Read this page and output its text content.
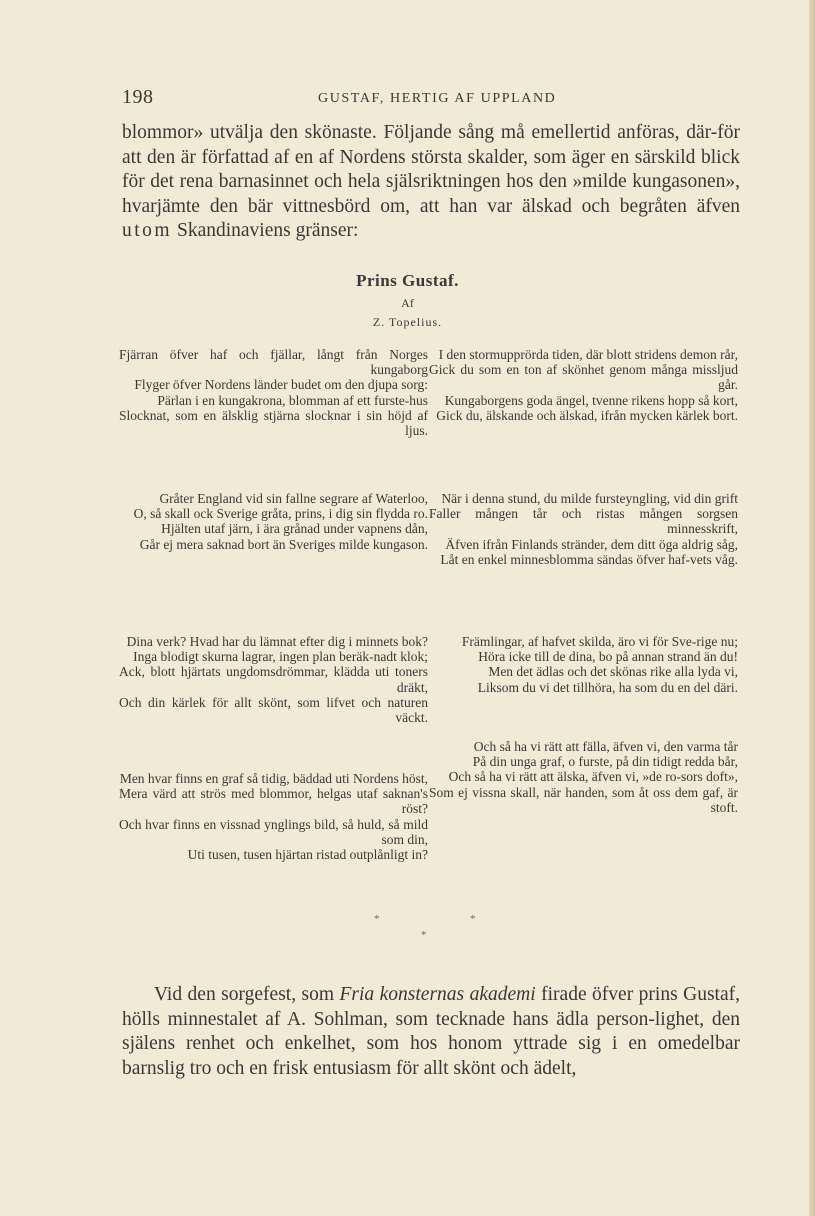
198	GUSTAF, HERTIG AF UPPLAND

blommor» utvälja den skönaste. Följande sång må emellertid anföras, där-för att den är författad af en af Nordens största skalder, som äger en särskild blick för det rena barnasinnet och hela själsriktningen hos den »milde kungasonen», hvarjämte den bär vittnesbörd om, att han var älskad och begråten äfven utom Skandinaviens gränser:

Prins Gustaf.
Af
Z. Topelius.
Fjärran öfver haf och fjällar, långt från Norges kungaborg
Flyger öfver Nordens länder budet om den djupa sorg:
Pärlan i en kungakrona, blomman af ett furste-hus
Slocknat, som en älsklig stjärna slocknar i sin höjd af ljus.
Gråter England vid sin fallne segrare af Waterloo,
O, så skall ock Sverige gråta, prins, i dig sin flydda ro.
Hjälten utaf järn, i ära grånad under vapnens dån,
Går ej mera saknad bort än Sveriges milde kungason.
Dina verk? Hvad har du lämnat efter dig i minnets bok?
Inga blodigt skurna lagrar, ingen plan beräk-nadt klok;
Ack, blott hjärtats ungdomsdrömmar, klädda uti toners dräkt,
Och din kärlek för allt skönt, som lifvet och naturen väckt.
Men hvar finns en graf så tidig, bäddad uti Nordens höst,
Mera värd att strös med blommor, helgas utaf saknan's röst?
Och hvar finns en vissnad ynglings bild, så huld, så mild som din,
Uti tusen, tusen hjärtan ristad outplånligt in?
I den stormupprörda tiden, där blott stridens demon rår,
Gick du som en ton af skönhet genom många missljud går.
Kungaborgens goda ängel, tvenne rikens hopp så kort,
Gick du, älskande och älskad, ifrån mycken kärlek bort.
När i denna stund, du milde fursteyngling, vid din grift
Faller mången tår och ristas mången sorgsen minnesskrift,
Äfven ifrån Finlands stränder, dem ditt öga aldrig såg,
Låt en enkel minnesblomma sändas öfver haf-vets våg.
Främlingar, af hafvet skilda, äro vi för Sve-rige nu;
Höra icke till de dina, bo på annan strand än du!
Men det ädlas och det skönas rike alla lyda vi,
Liksom du vi det tillhöra, ha som du en del däri.
Och så ha vi rätt att fälla, äfven vi, den varma tår
På din unga graf, o furste, på din tidigt redda bår,
Och så ha vi rätt att älska, äfven vi, »de ro-sors doft»,
Som ej vissna skall, när handen, som åt oss dem gaf, är stoft.
*	*
*

Vid den sorgefest, som Fria konsternas akademi firade öfver prins Gustaf, hölls minnestalet af A. Sohlman, som tecknade hans ädla person-lighet, den själens renhet och enkelhet, som hos honom yttrade sig i en omedelbar barnslig tro och en frisk entusiasm för allt skönt och ädelt,
